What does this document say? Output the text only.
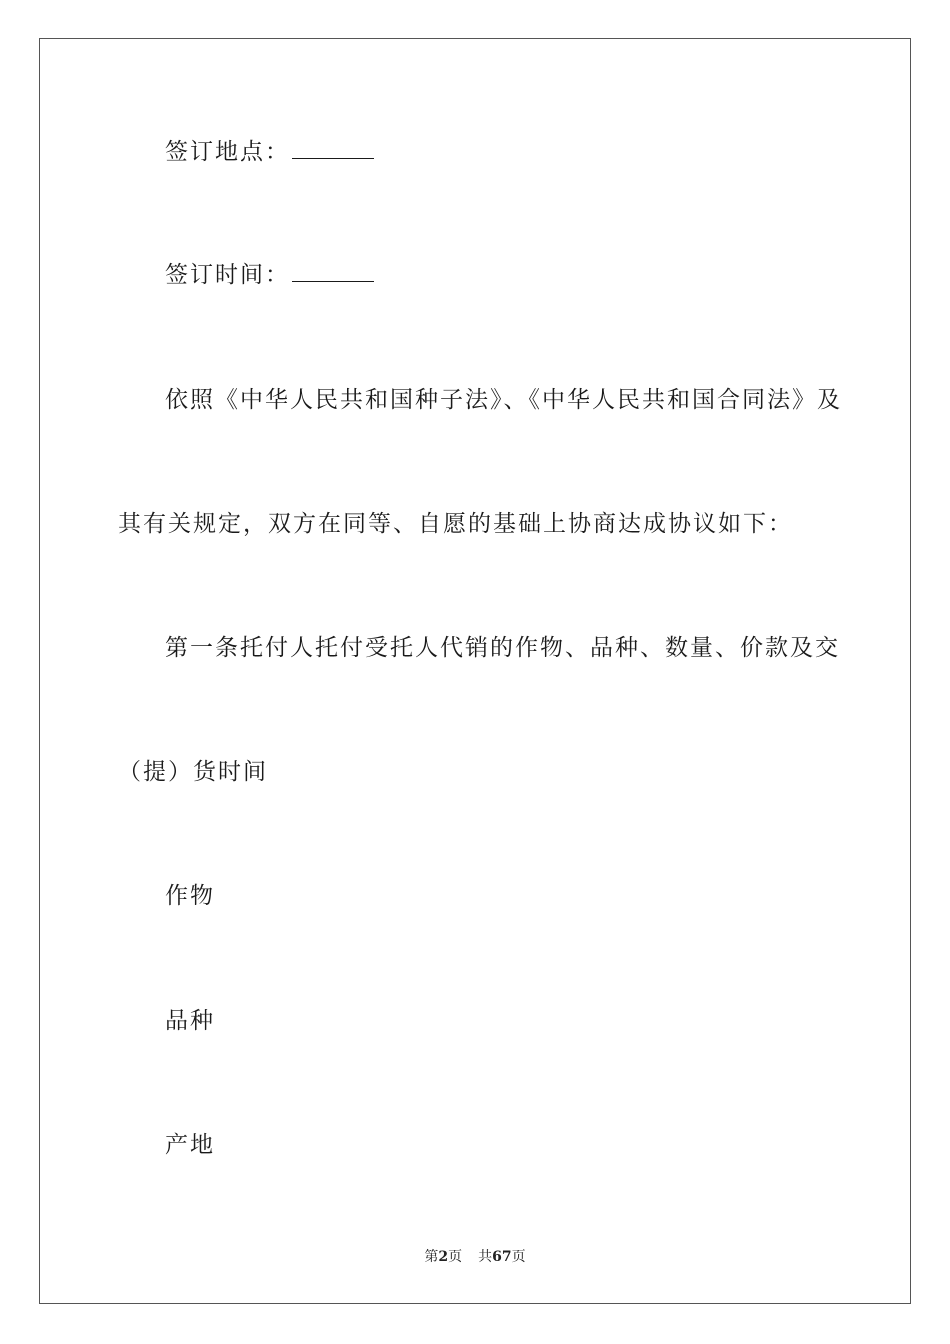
签订地点：
签订时间：
依照《中华人民共和国种子法》、《中华人民共和国合同法》及
其有关规定，双方在同等、自愿的基础上协商达成协议如下：
第一条托付人托付受托人代销的作物、品种、数量、价款及交
（提）货时间
作物
品种
产地
第2页 共67页
